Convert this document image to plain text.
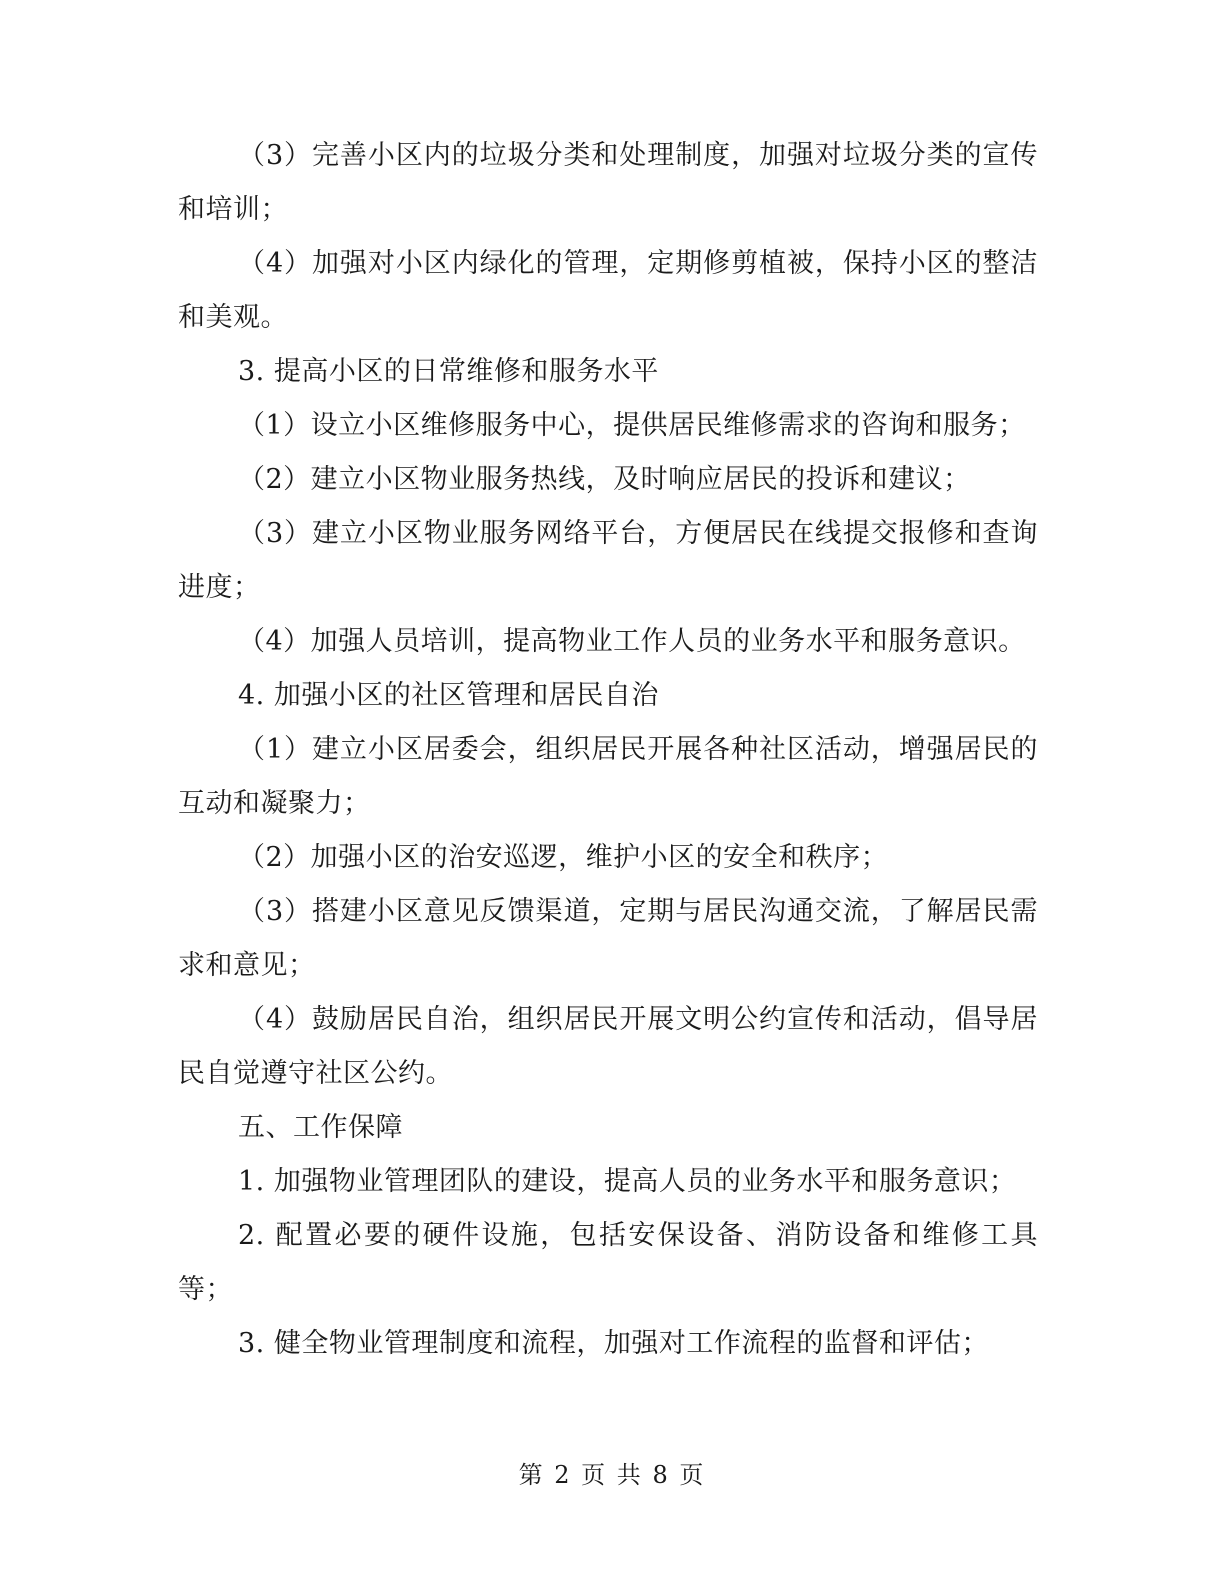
（3）完善小区内的垃圾分类和处理制度，加强对垃圾分类的宣传和培训；

（4）加强对小区内绿化的管理，定期修剪植被，保持小区的整洁和美观。

3. 提高小区的日常维修和服务水平

（1）设立小区维修服务中心，提供居民维修需求的咨询和服务；

（2）建立小区物业服务热线，及时响应居民的投诉和建议；

（3）建立小区物业服务网络平台，方便居民在线提交报修和查询进度；

（4）加强人员培训，提高物业工作人员的业务水平和服务意识。

4. 加强小区的社区管理和居民自治

（1）建立小区居委会，组织居民开展各种社区活动，增强居民的互动和凝聚力；

（2）加强小区的治安巡逻，维护小区的安全和秩序；

（3）搭建小区意见反馈渠道，定期与居民沟通交流，了解居民需求和意见；

（4）鼓励居民自治，组织居民开展文明公约宣传和活动，倡导居民自觉遵守社区公约。

五、工作保障

1. 加强物业管理团队的建设，提高人员的业务水平和服务意识；

2. 配置必要的硬件设施，包括安保设备、消防设备和维修工具等；

3. 健全物业管理制度和流程，加强对工作流程的监督和评估；

第 2 页 共 8 页
